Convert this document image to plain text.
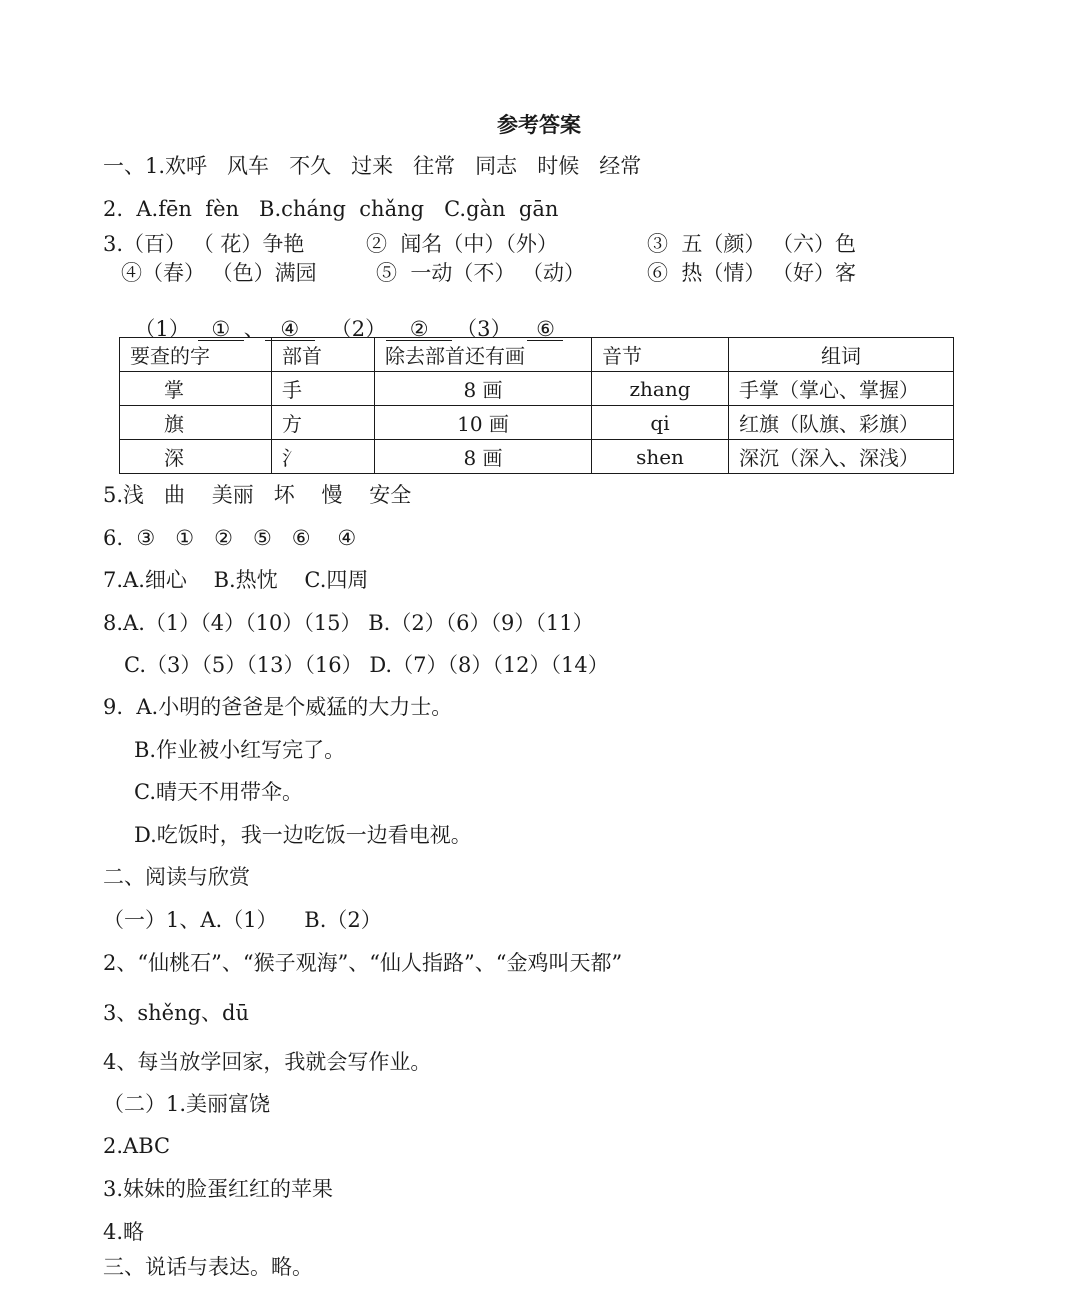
参考答案
一、1.欢呼   风车   不久   过来   往常   同志   时候   经常
2.  A.fēn  fèn   B.cháng  chǎng   C.gàn  gān
3.（百） （ 花）争艳	②  闻名（中）（外）	③  五（颜） （六）色
④（春） （色）满园	⑤  一动（不） （动）	⑥  热（情） （好）客

（1） ① 、 ④ （2） ② （3） ⑥

要查的字	部首	除去部首还有画	音节	组词
掌	手	8 画	zhang	手掌（掌心、掌握）
旗	方	10 画	qi	红旗（队旗、彩旗）
深	氵	8 画	shen	深沉（深入、深浅）
5.浅   曲    美丽   坏    慢    安全
6.  ③   ①   ②   ⑤   ⑥    ④
7.A.细心    B.热忱    C.四周
8.A.（1）（4）（10）（15） B.（2）（6）（9）（11）
C.（3）（5）（13）（16） D.（7）（8）（12）（14）
9.  A.小明的爸爸是个威猛的大力士。
B.作业被小红写完了。
C.晴天不用带伞。
D.吃饭时，我一边吃饭一边看电视。
二、阅读与欣赏
（一）1、A.（1）    B.（2）
2、“仙桃石”、“猴子观海”、“仙人指路”、“金鸡叫天都”
3、shěng、dū
4、每当放学回家，我就会写作业。
（二）1.美丽富饶
2.ABC
3.妹妹的脸蛋红红的苹果
4.略
三、说话与表达。略。
